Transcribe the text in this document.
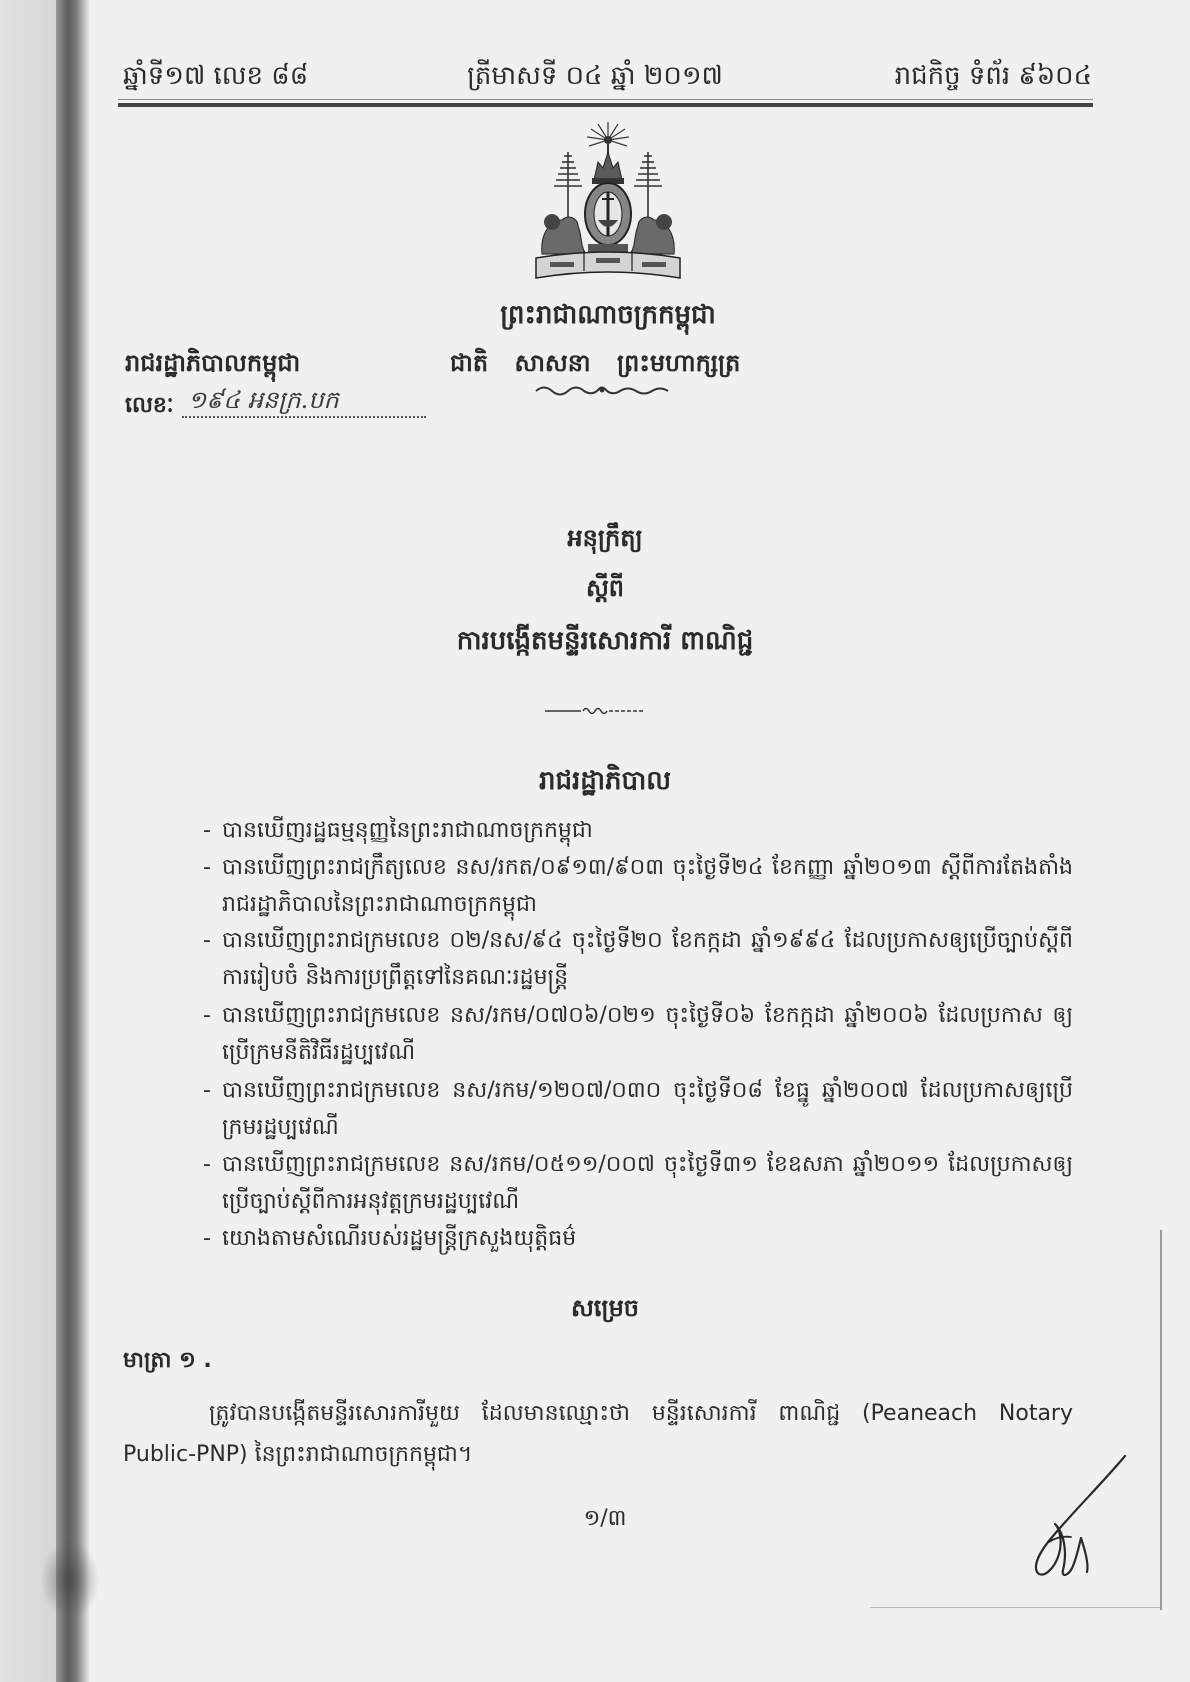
ឆ្នាំទី១៧ លេខ ៨៨	ត្រីមាសទី ០៤ ឆ្នាំ ២០១៧	រាជកិច្ច ទំព័រ ៩៦០៤
ព្រះរាជាណាចក្រកម្ពុជា
រាជរដ្ឋាភិបាលកម្ពុជា	ជាតិ សាសនា ព្រះមហាក្សត្រ
លេខៈ ១៩៤ អនក្រ.បក
អនុក្រឹត្យ
ស្តីពី
ការបង្កើតមន្ទីរសោរការី ពាណិជ្ជ
រាជរដ្ឋាភិបាល
- បានឃើញរដ្ឋធម្មនុញ្ញនៃព្រះរាជាណាចក្រកម្ពុជា
- បានឃើញព្រះរាជក្រឹត្យលេខ នស/រកត/០៩១៣/៩០៣ ចុះថ្ងៃទី២៤ ខែកញ្ញា ឆ្នាំ២០១៣ ស្តីពីការតែងតាំងរាជរដ្ឋាភិបាលនៃព្រះរាជាណាចក្រកម្ពុជា
- បានឃើញព្រះរាជក្រមលេខ ០២/នស/៩៤ ចុះថ្ងៃទី២០ ខែកក្កដា ឆ្នាំ១៩៩៤ ដែលប្រកាសឲ្យប្រើច្បាប់ស្តីពីការរៀបចំ និងការប្រព្រឹត្តទៅនៃគណៈរដ្ឋមន្ត្រី
- បានឃើញព្រះរាជក្រមលេខ នស/រកម/០៧០៦/០២១ ចុះថ្ងៃទី០៦ ខែកក្កដា ឆ្នាំ២០០៦ ដែលប្រកាស ឲ្យប្រើក្រមនីតិវិធីរដ្ឋប្បវេណី
- បានឃើញព្រះរាជក្រមលេខ នស/រកម/១២០៧/០៣០ ចុះថ្ងៃទី០៨ ខែធ្នូ ឆ្នាំ២០០៧ ដែលប្រកាសឲ្យប្រើក្រមរដ្ឋប្បវេណី
- បានឃើញព្រះរាជក្រមលេខ នស/រកម/០៥១១/០០៧ ចុះថ្ងៃទី៣១ ខែឧសភា ឆ្នាំ២០១១ ដែលប្រកាសឲ្យប្រើច្បាប់ស្តីពីការអនុវត្តក្រមរដ្ឋប្បវេណី
- យោងតាមសំណើរបស់រដ្ឋមន្ត្រីក្រសួងយុត្តិធម៌
សម្រេច
មាត្រា ១ .
ត្រូវបានបង្កើតមន្ទីរសោរការីមួយ ដែលមានឈ្មោះថា មន្ទីរសោរការី ពាណិជ្ជ (Peaneach Notary Public-PNP) នៃព្រះរាជាណាចក្រកម្ពុជា។
១/៣
